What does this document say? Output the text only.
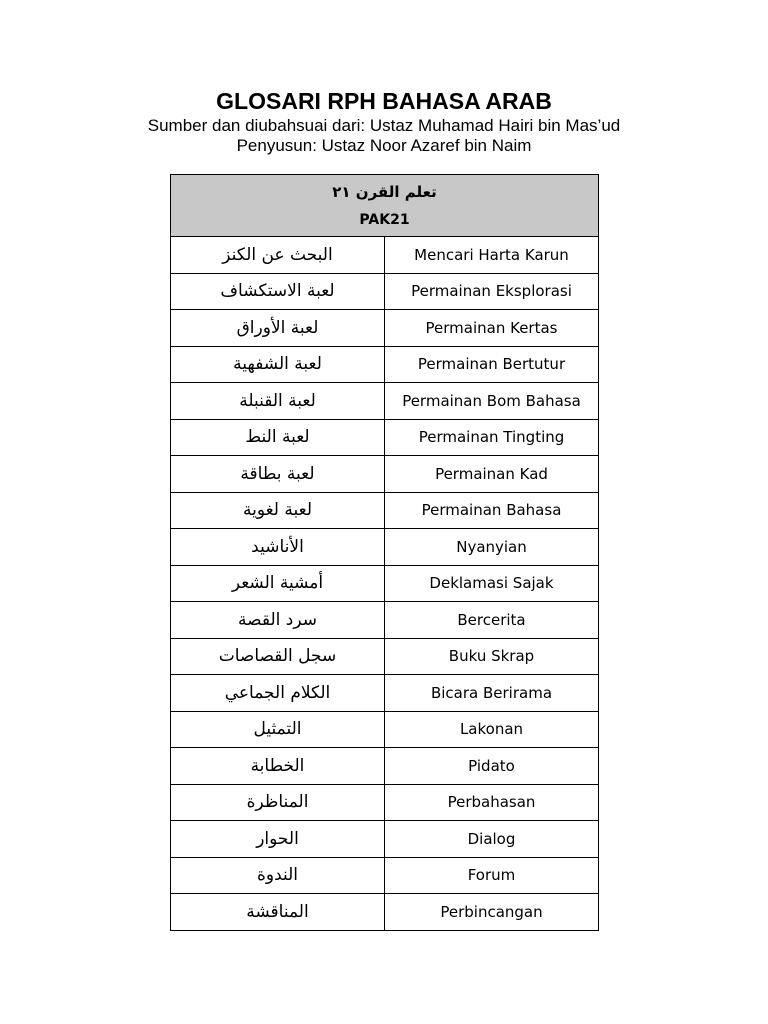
GLOSARI RPH BAHASA ARAB

Sumber dan diubahsuai dari: Ustaz Muhamad Hairi bin Mas’ud

Penyusun: Ustaz Noor Azaref bin Naim

تعلم القرن ٢١
PAK21	

البحث عن الكنز	Mencari Harta Karun
لعبة الاستكشاف	Permainan Eksplorasi
لعبة الأوراق	Permainan Kertas
لعبة الشفهية	Permainan Bertutur
لعبة القنبلة	Permainan Bom Bahasa
لعبة النط	Permainan Tingting
لعبة بطاقة	Permainan Kad
لعبة لغوية	Permainan Bahasa
الأناشيد	Nyanyian
أمشية الشعر	Deklamasi Sajak
سرد القصة	Bercerita
سجل القصاصات	Buku Skrap
الكلام الجماعي	Bicara Berirama
التمثيل	Lakonan
الخطابة	Pidato
المناظرة	Perbahasan
الحوار	Dialog
الندوة	Forum
المناقشة	Perbincangan
